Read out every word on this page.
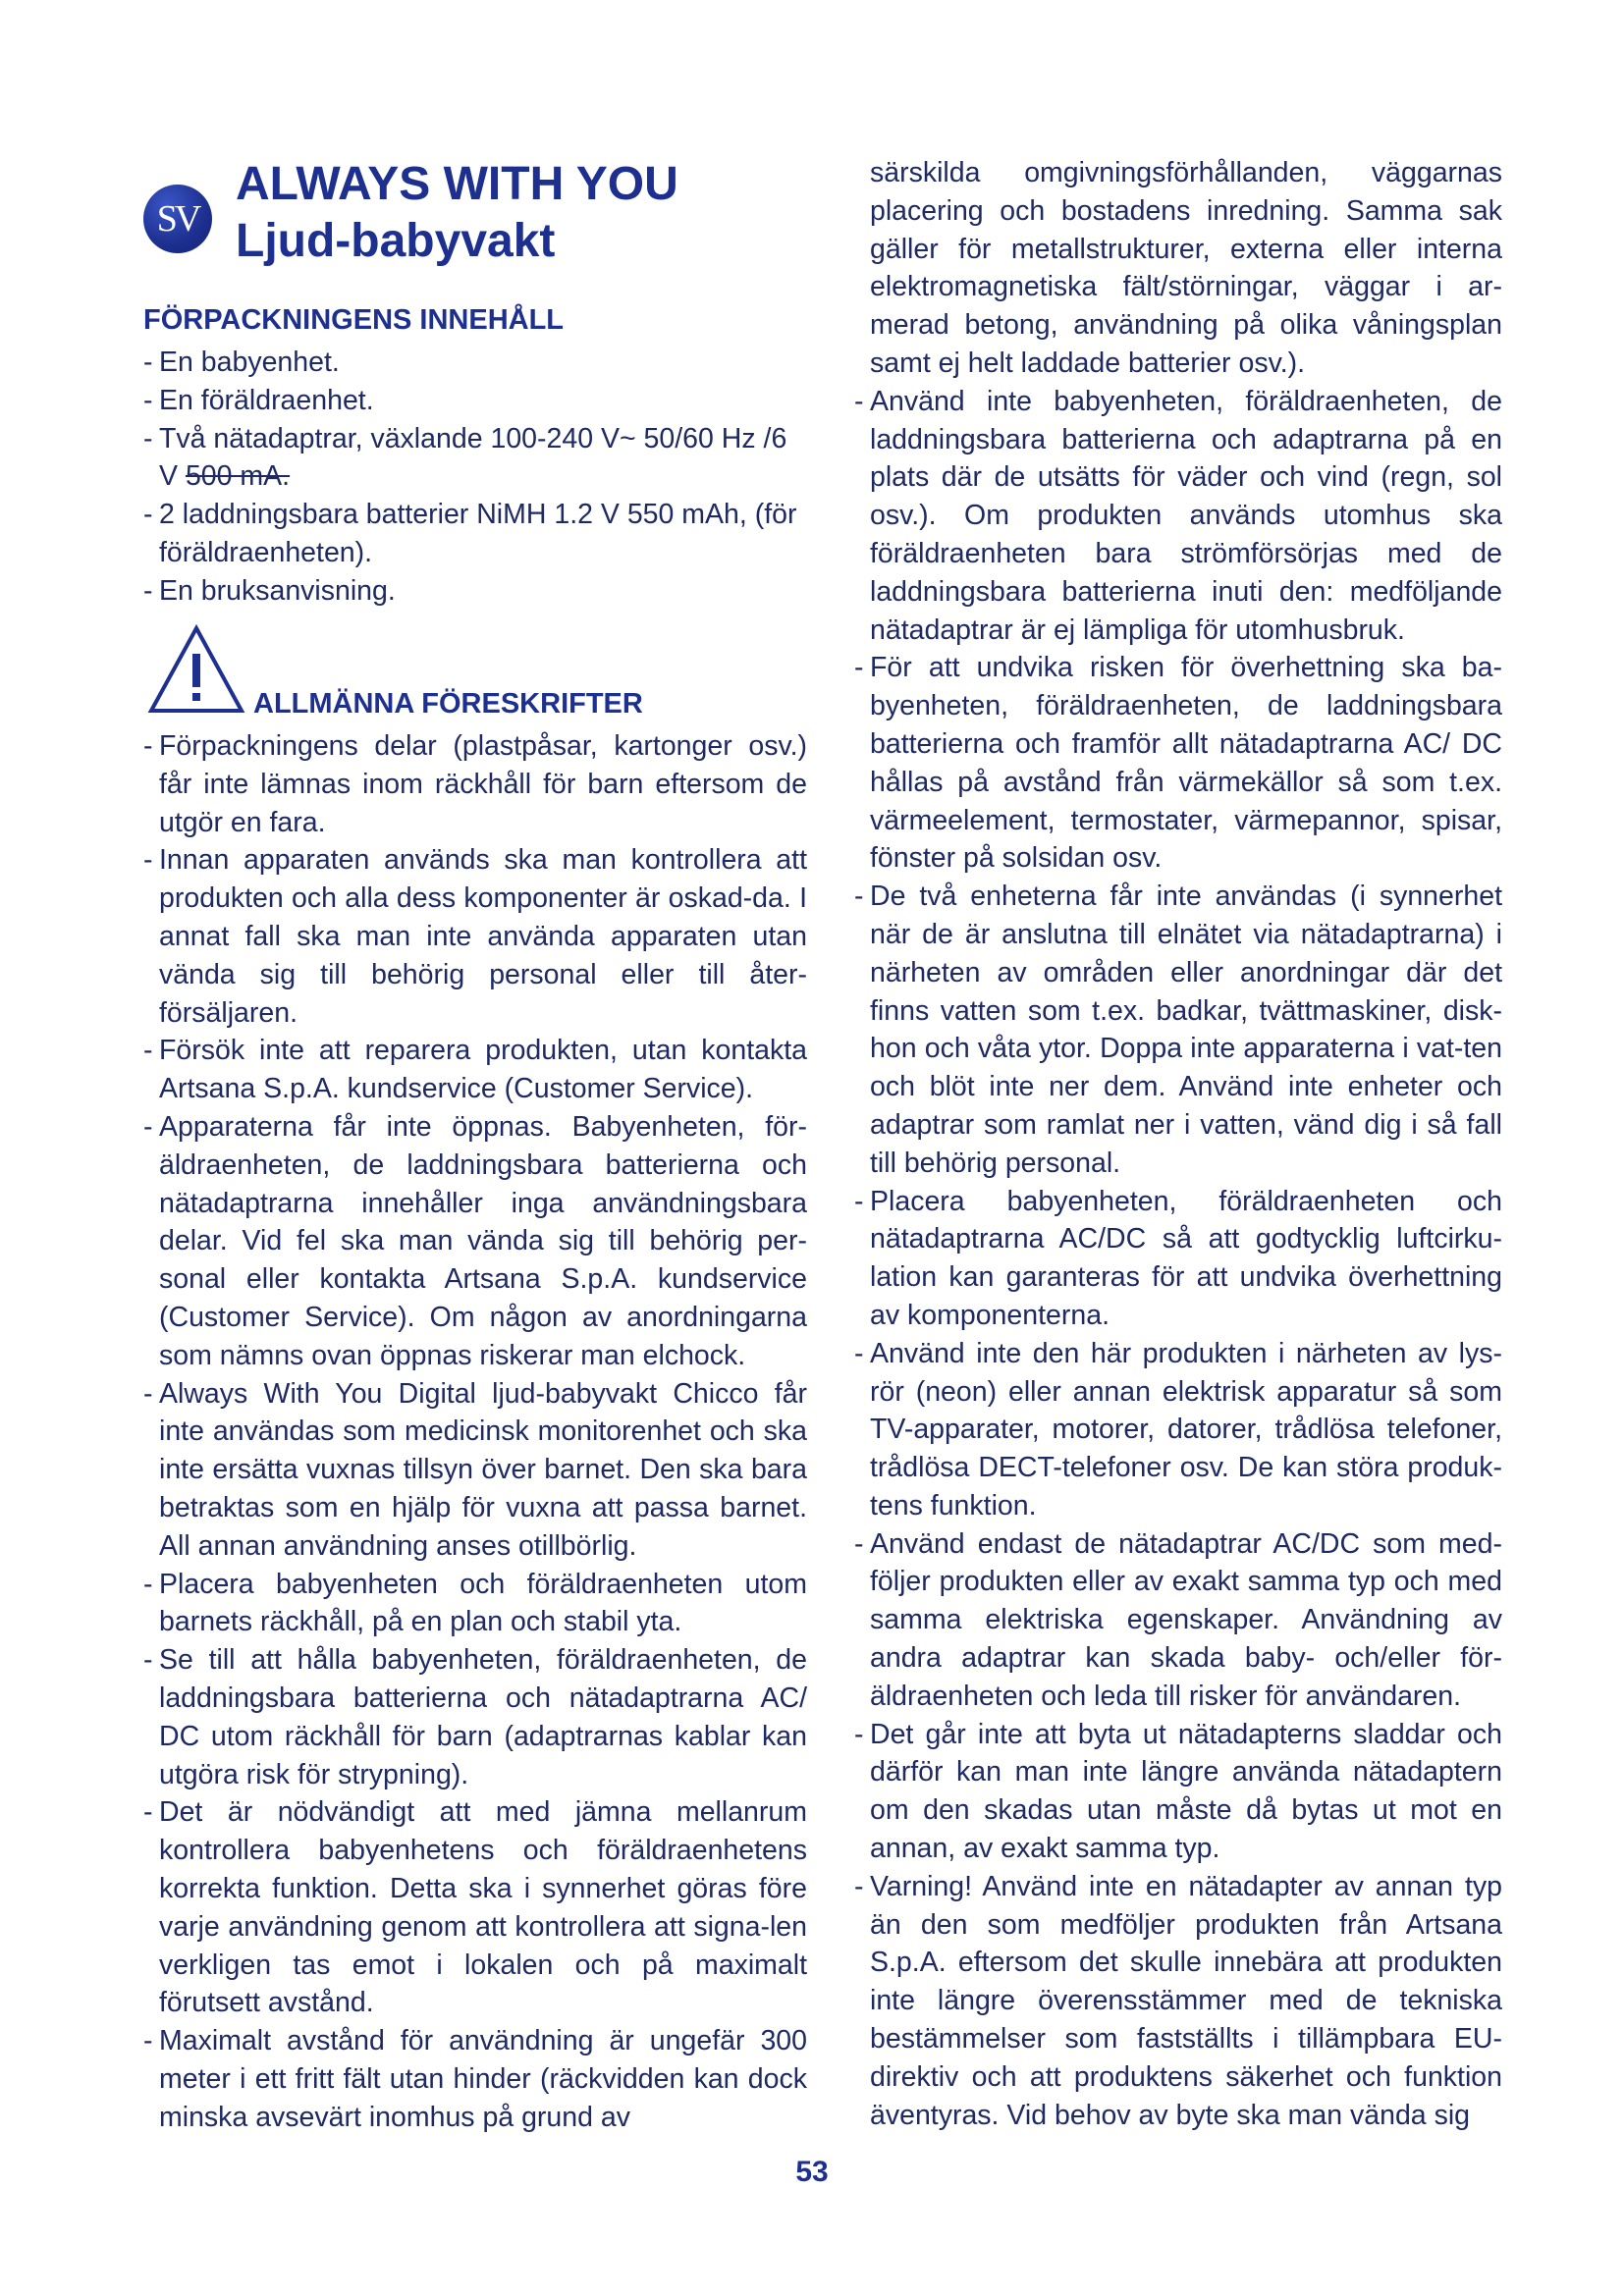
SV
ALWAYS WITH YOU
Ljud-babyvakt
FÖRPACKNINGENS INNEHÅLL
- En babyenhet.
- En föräldraenhet.
- Två nätadaptrar, växlande 100-240 V~ 50/60 Hz /6 V 500 mA.
- 2 laddningsbara batterier NiMH 1.2 V 550 mAh, (för föräldraenheten).
- En bruksanvisning.
ALLMÄNNA FÖRESKRIFTER
- Förpackningens delar (plastpåsar, kartonger osv.) får inte lämnas inom räckhåll för barn eftersom de utgör en fara.
- Innan apparaten används ska man kontrollera att produkten och alla dess komponenter är oskad-da. I annat fall ska man inte använda apparaten utan vända sig till behörig personal eller till åter-försäljaren.
- Försök inte att reparera produkten, utan kontakta Artsana S.p.A. kundservice (Customer Service).
- Apparaterna får inte öppnas. Babyenheten, för-äldraenheten, de laddningsbara batterierna och nätadaptrarna innehåller inga användningsbara delar. Vid fel ska man vända sig till behörig per-sonal eller kontakta Artsana S.p.A. kundservice (Customer Service). Om någon av anordningarna som nämns ovan öppnas riskerar man elchock.
- Always With You Digital ljud-babyvakt Chicco får inte användas som medicinsk monitorenhet och ska inte ersätta vuxnas tillsyn över barnet. Den ska bara betraktas som en hjälp för vuxna att passa barnet. All annan användning anses otillbörlig.
- Placera babyenheten och föräldraenheten utom barnets räckhåll, på en plan och stabil yta.
- Se till att hålla babyenheten, föräldraenheten, de laddningsbara batterierna och nätadaptrarna AC/ DC utom räckhåll för barn (adaptrarnas kablar kan utgöra risk för strypning).
- Det är nödvändigt att med jämna mellanrum kontrollera babyenhetens och föräldraenhetens korrekta funktion. Detta ska i synnerhet göras före varje användning genom att kontrollera att signa-len verkligen tas emot i lokalen och på maximalt förutsett avstånd.
- Maximalt avstånd för användning är ungefär 300 meter i ett fritt fält utan hinder (räckvidden kan dock minska avsevärt inomhus på grund av

särskilda omgivningsförhållanden, väggarnas placering och bostadens inredning. Samma sak gäller för metallstrukturer, externa eller interna elektromagnetiska fält/störningar, väggar i ar-merad betong, användning på olika våningsplan samt ej helt laddade batterier osv.).

- Använd inte babyenheten, föräldraenheten, de laddningsbara batterierna och adaptrarna på en plats där de utsätts för väder och vind (regn, sol osv.). Om produkten används utomhus ska föräldraenheten bara strömförsörjas med de laddningsbara batterierna inuti den: medföljande nätadaptrar är ej lämpliga för utomhusbruk.
- För att undvika risken för överhettning ska ba-byenheten, föräldraenheten, de laddningsbara batterierna och framför allt nätadaptrarna AC/ DC hållas på avstånd från värmekällor så som t.ex. värmeelement, termostater, värmepannor, spisar, fönster på solsidan osv.
- De två enheterna får inte användas (i synnerhet när de är anslutna till elnätet via nätadaptrarna) i närheten av områden eller anordningar där det finns vatten som t.ex. badkar, tvättmaskiner, disk-hon och våta ytor. Doppa inte apparaterna i vat-ten och blöt inte ner dem. Använd inte enheter och adaptrar som ramlat ner i vatten, vänd dig i så fall till behörig personal.
- Placera babyenheten, föräldraenheten och nätadaptrarna AC/DC så att godtycklig luftcirku-lation kan garanteras för att undvika överhettning av komponenterna.
- Använd inte den här produkten i närheten av lys-rör (neon) eller annan elektrisk apparatur så som TV-apparater, motorer, datorer, trådlösa telefoner, trådlösa DECT-telefoner osv. De kan störa produk-tens funktion.
- Använd endast de nätadaptrar AC/DC som med-följer produkten eller av exakt samma typ och med samma elektriska egenskaper. Användning av andra adaptrar kan skada baby- och/eller för-äldraenheten och leda till risker för användaren.
- Det går inte att byta ut nätadapterns sladdar och därför kan man inte längre använda nätadaptern om den skadas utan måste då bytas ut mot en annan, av exakt samma typ.
- Varning! Använd inte en nätadapter av annan typ än den som medföljer produkten från Artsana S.p.A. eftersom det skulle innebära att produkten inte längre överensstämmer med de tekniska bestämmelser som fastställts i tillämpbara EU-direktiv och att produktens säkerhet och funktion äventyras. Vid behov av byte ska man vända sig
53
